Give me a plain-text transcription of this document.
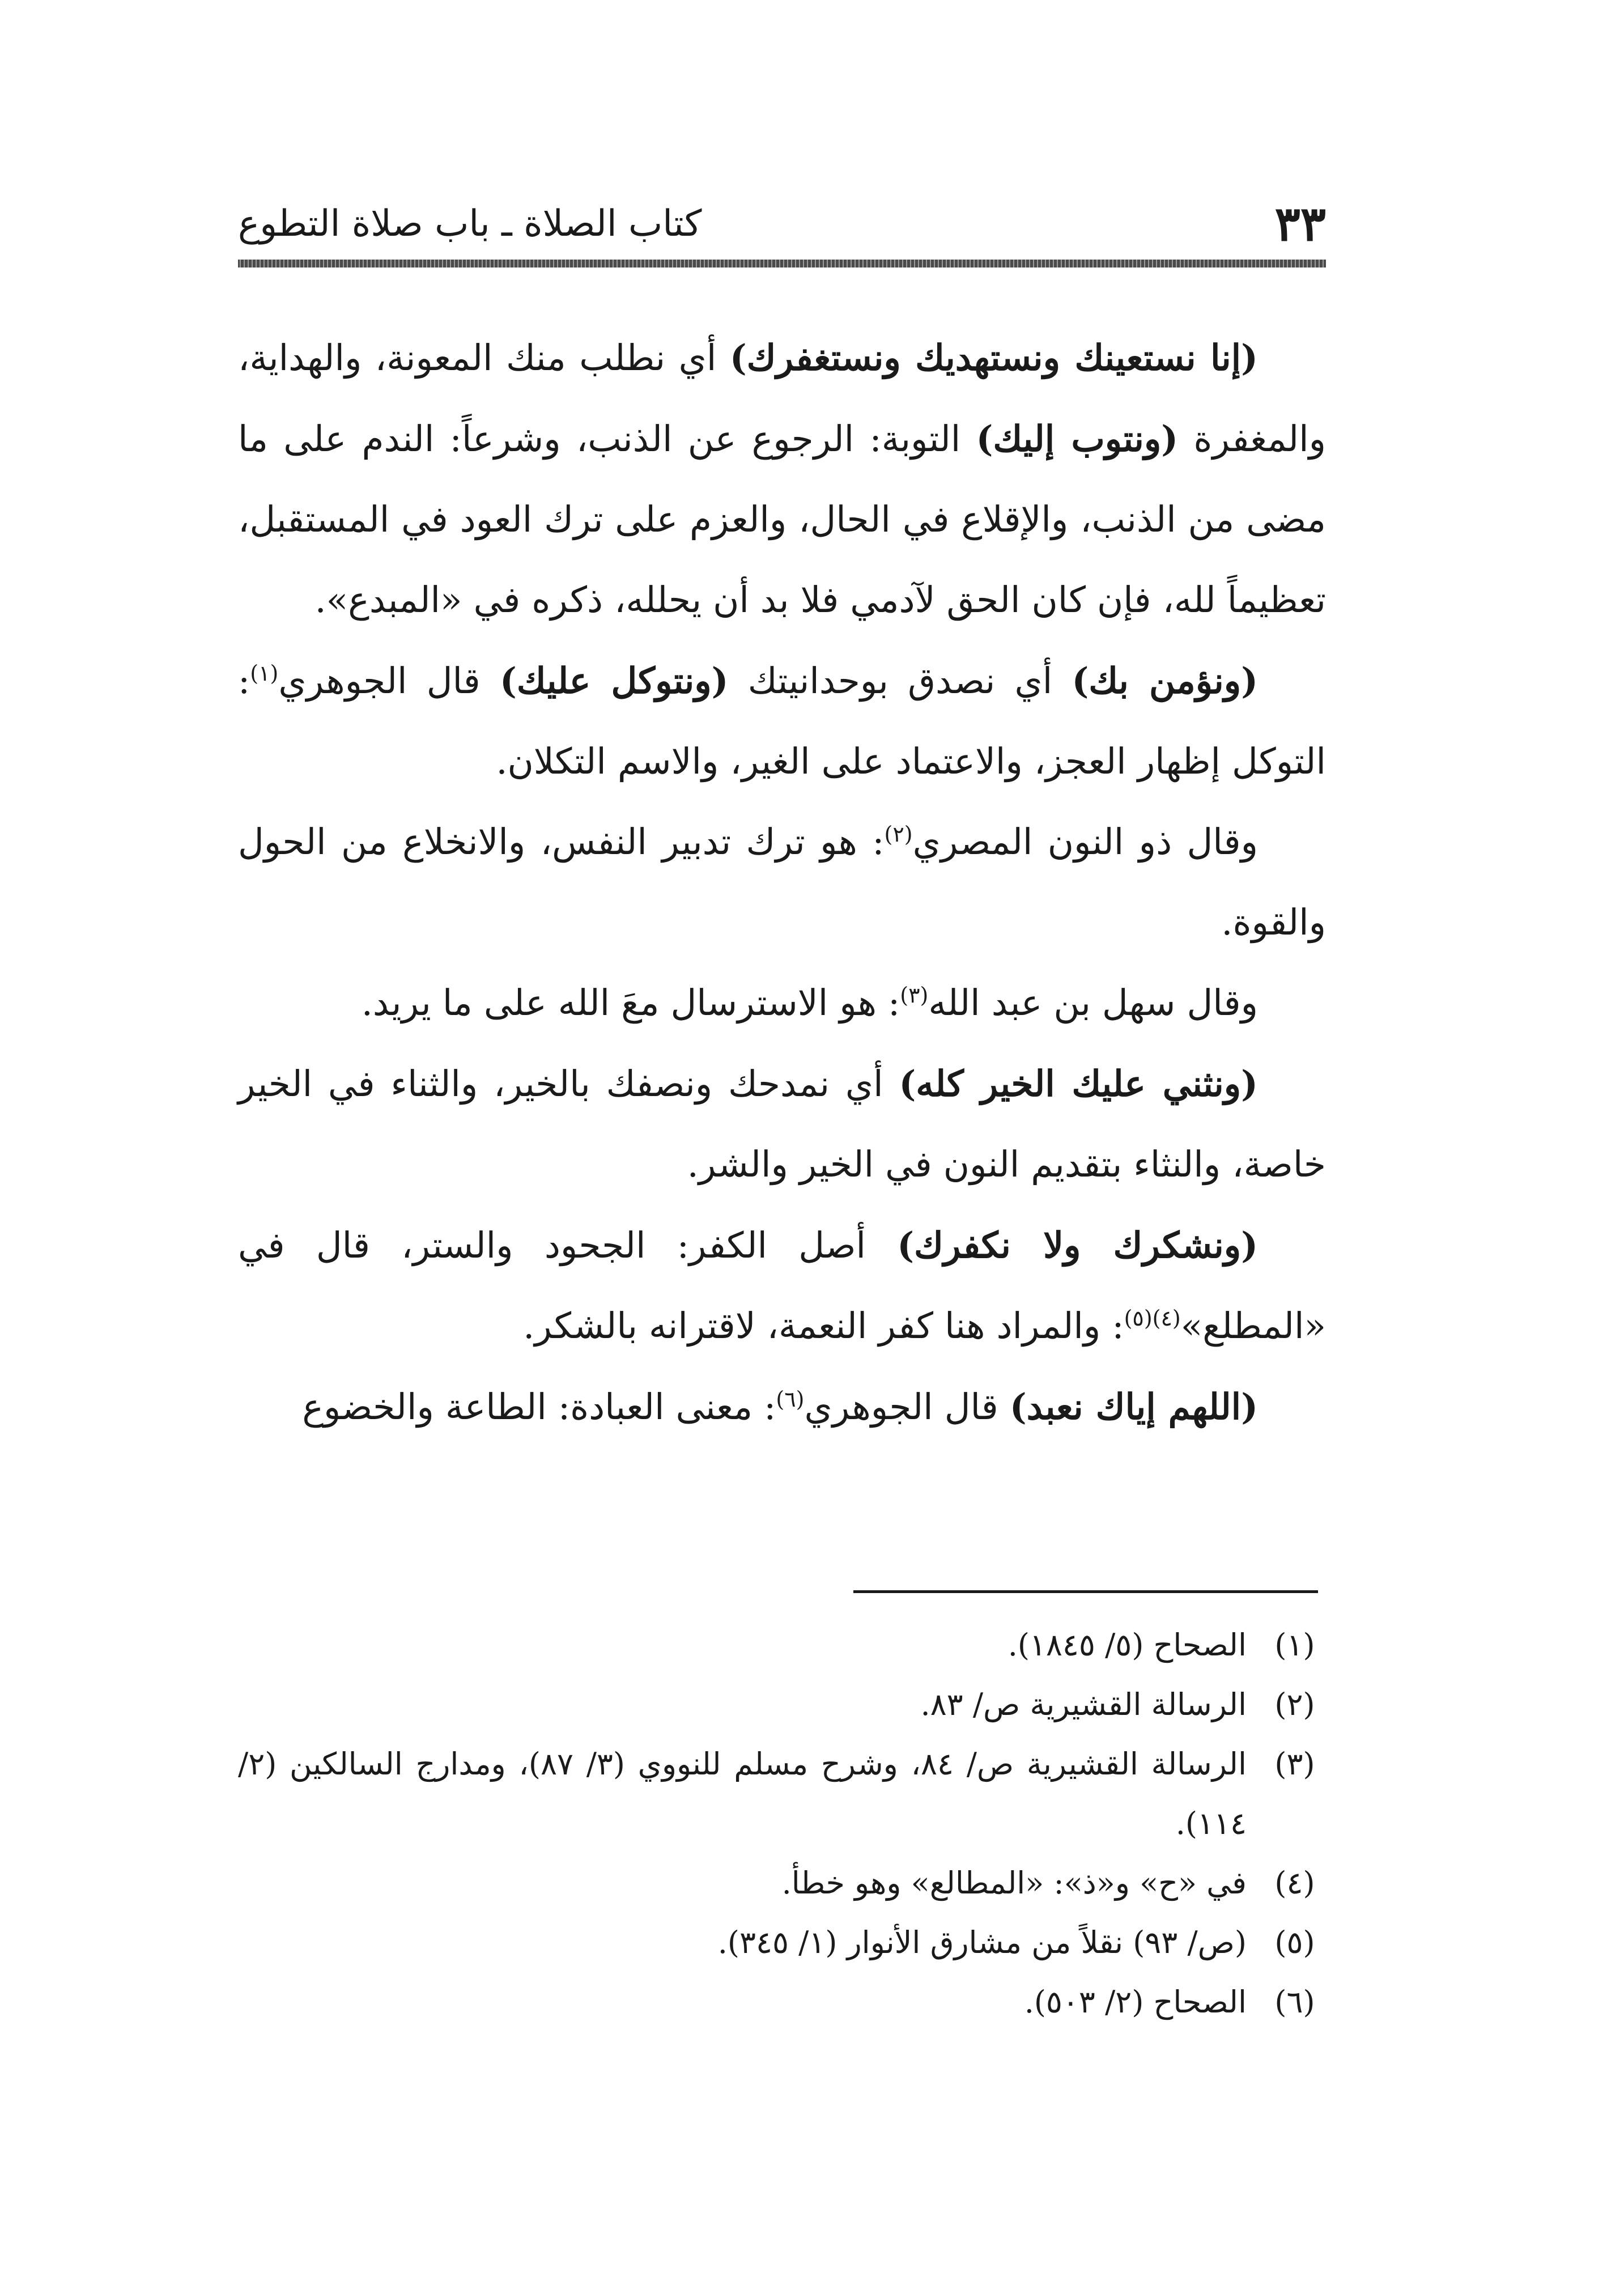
٣٣
كتاب الصلاة ـ باب صلاة التطوع

(إنا نستعينك ونستهديك ونستغفرك) أي نطلب منك المعونة، والهداية، والمغفرة (ونتوب إليك) التوبة: الرجوع عن الذنب، وشرعاً: الندم على ما مضى من الذنب، والإقلاع في الحال، والعزم على ترك العود في المستقبل، تعظيماً لله، فإن كان الحق لآدمي فلا بد أن يحلله، ذكره في «المبدع».

(ونؤمن بك) أي نصدق بوحدانيتك (ونتوكل عليك) قال الجوهري$^{(١)}$: التوكل إظهار العجز، والاعتماد على الغير، والاسم التكلان.

وقال ذو النون المصري$^{(٢)}$: هو ترك تدبير النفس، والانخلاع من الحول والقوة.

وقال سهل بن عبد الله$^{(٣)}$: هو الاسترسال معَ الله على ما يريد.

(ونثني عليك الخير كله) أي نمدحك ونصفك بالخير، والثناء في الخير خاصة، والنثاء بتقديم النون في الخير والشر.

(ونشكرك ولا نكفرك) أصل الكفر: الجحود والستر، قال في «المطلع»$^{(٤)(٥)}$: والمراد هنا كفر النعمة، لاقترانه بالشكر.

(اللهم إياك نعبد) قال الجوهري$^{(٦)}$: معنى العبادة: الطاعة والخضوع

(١)
الصحاح (٥/ ١٨٤٥).

(٢)
الرسالة القشيرية ص/ ٨٣.

(٣)
الرسالة القشيرية ص/ ٨٤، وشرح مسلم للنووي (٣/ ٨٧)، ومدارج السالكين (٢/ ١١٤).

(٤)
في «ح» و«ذ»: «المطالع» وهو خطأ.

(٥)
(ص/ ٩٣) نقلاً من مشارق الأنوار (١/ ٣٤٥).

(٦)
الصحاح (٢/ ٥٠٣).
